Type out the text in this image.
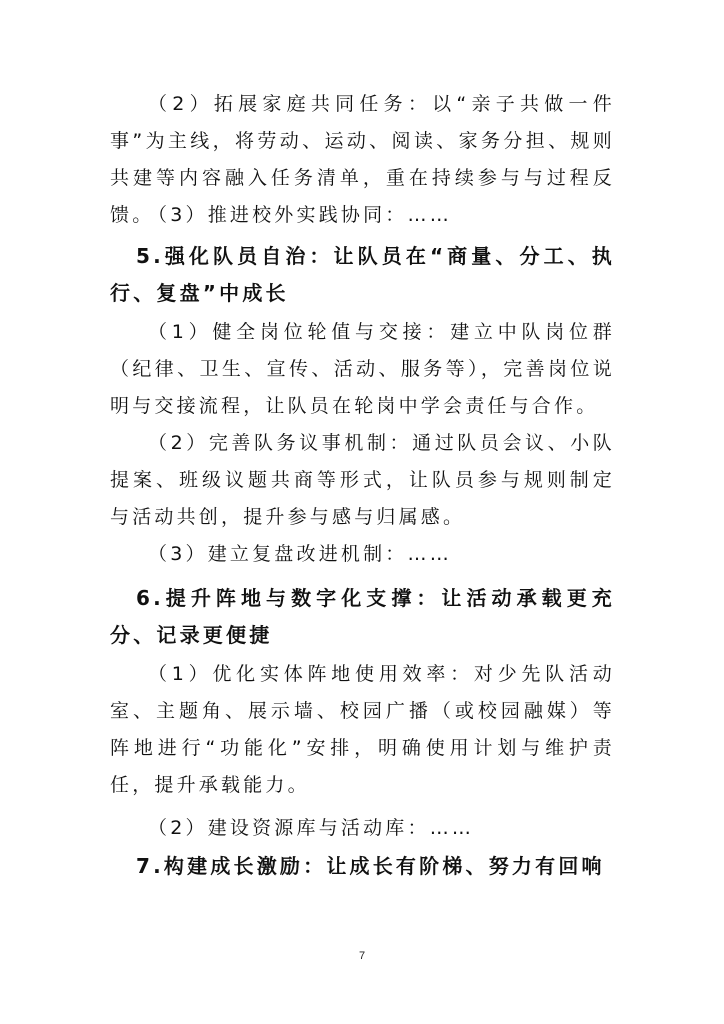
（2）拓展家庭共同任务：以“亲子共做一件事”为主线，将劳动、运动、阅读、家务分担、规则共建等内容融入任务清单，重在持续参与与过程反馈。

（3）推进校外实践协同：……

5.强化队员自治：让队员在“商量、分工、执行、复盘”中成长

（1）健全岗位轮值与交接：建立中队岗位群（纪律、卫生、宣传、活动、服务等），完善岗位说明与交接流程，让队员在轮岗中学会责任与合作。

（2）完善队务议事机制：通过队员会议、小队提案、班级议题共商等形式，让队员参与规则制定与活动共创，提升参与感与归属感。

（3）建立复盘改进机制：……

6.提升阵地与数字化支撑：让活动承载更充分、记录更便捷

（1）优化实体阵地使用效率：对少先队活动室、主题角、展示墙、校园广播（或校园融媒）等阵地进行“功能化”安排，明确使用计划与维护责任，提升承载能力。

（2）建设资源库与活动库：……

7.构建成长激励：让成长有阶梯、努力有回响

7
